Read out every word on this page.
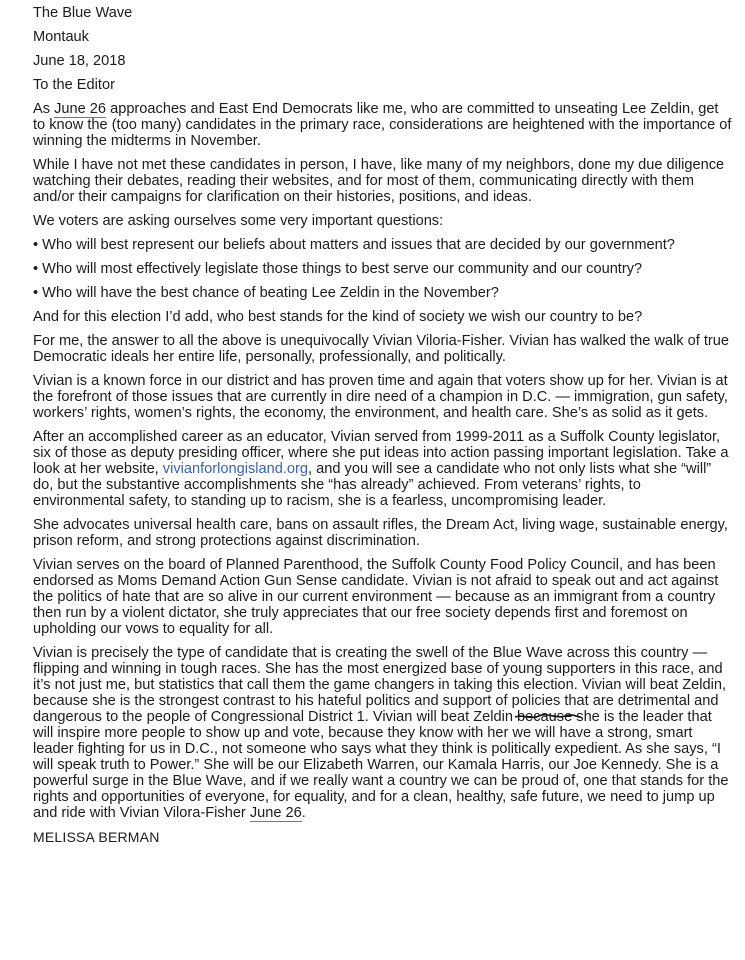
The Blue Wave
Montauk
June 18, 2018
To the Editor

As June 26 approaches and East End Democrats like me, who are committed to unseating Lee Zeldin, get to know the (too many) candidates in the primary race, considerations are heightened with the importance of winning the midterms in November.

While I have not met these candidates in person, I have, like many of my neighbors, done my due diligence watching their debates, reading their websites, and for most of them, communicating directly with them and/or their campaigns for clarification on their histories, positions, and ideas.

We voters are asking ourselves some very important questions:

• Who will best represent our beliefs about matters and issues that are decided by our government?

• Who will most effectively legislate those things to best serve our community and our country?

• Who will have the best chance of beating Lee Zeldin in the November?

And for this election I’d add, who best stands for the kind of society we wish our country to be?

For me, the answer to all the above is unequivocally Vivian Viloria-Fisher. Vivian has walked the walk of true Democratic ideals her entire life, personally, professionally, and politically.

Vivian is a known force in our district and has proven time and again that voters show up for her. Vivian is at the forefront of those issues that are currently in dire need of a champion in D.C. — immigration, gun safety, workers’ rights, women’s rights, the economy, the environment, and health care. She’s as solid as it gets.

After an accomplished career as an educator, Vivian served from 1999-2011 as a Suffolk County legislator, six of those as deputy presiding officer, where she put ideas into action passing important legislation. Take a look at her website, vivianforlongisland.org, and you will see a candidate who not only lists what she “will” do, but the substantive accomplishments she “has already” achieved. From veterans’ rights, to environmental safety, to standing up to racism, she is a fearless, uncompromising leader.

She advocates universal health care, bans on assault rifles, the Dream Act, living wage, sustainable energy, prison reform, and strong protections against discrimination.

Vivian serves on the board of Planned Parenthood, the Suffolk County Food Policy Council, and has been endorsed as Moms Demand Action Gun Sense candidate. Vivian is not afraid to speak out and act against the politics of hate that are so alive in our current environment — because as an immigrant from a country then run by a violent dictator, she truly appreciates that our free society depends first and foremost on upholding our vows to equality for all.

Vivian is precisely the type of candidate that is creating the swell of the Blue Wave across this country — flipping and winning in tough races. She has the most energized base of young supporters in this race, and it’s not just me, but statistics that call them the game changers in taking this election. Vivian will beat Zeldin, because she is the strongest contrast to his hateful politics and support of policies that are detrimental and dangerous to the people of Congressional District 1. Vivian will beat Zeldin because
she is the leader that will inspire more people to show up and vote, because they know with her we will have a strong, smart leader fighting for us in D.C., not someone who says what they think is politically expedient. As she says, “I will speak truth to Power.” She will be our Elizabeth Warren, our Kamala Harris, our Joe Kennedy. She is a powerful surge in the Blue Wave, and if we really want a country we can be proud of, one that stands for the rights and opportunities of everyone, for equality, and for a clean, healthy, safe future, we need to jump up and ride with Vivian Vilora-Fisher June 26.

MELISSA BERMAN
